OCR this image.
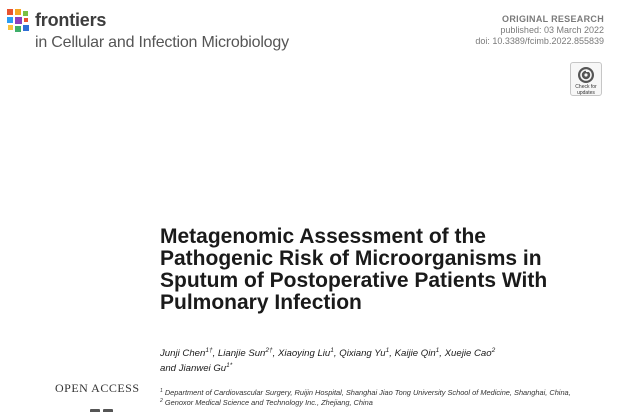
frontiers
in Cellular and Infection Microbiology
ORIGINAL RESEARCH
published: 03 March 2022
doi: 10.3389/fcimb.2022.855839
Check for updates
Metagenomic Assessment of the Pathogenic Risk of Microorganisms in Sputum of Postoperative Patients With Pulmonary Infection
Junji Chen$^{1\dagger}$, Lianjie Sun$^{2\dagger}$, Xiaoying Liu$^1$, Qixiang Yu$^1$, Kaijie Qin$^1$, Xuejie Cao$^2$
and Jianwei $Gu^{1*}$
OPEN ACCESS	$^1$ Department of Cardiovascular Surgery, Ruijin Hospital, Shanghai Jiao Tong University School of Medicine, Shanghai, China,
$^2$ Genoxor Medical Science and Technology Inc., Zhejiang, China
